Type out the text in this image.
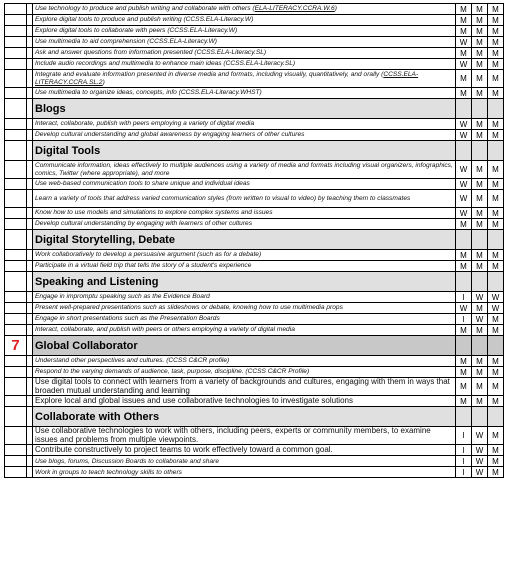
		Use technology to produce and publish writing and collaborate with others (ELA-LITERACY.CCRA.W.6)	M	M	M
		Explore digital tools to produce and publish writing (CCSS.ELA-Literacy.W)	M	M	M
		Explore digital tools to collaborate with peers (CCSS.ELA-Literacy.W)	M	M	M
		Use multimedia to aid comprehension (CCSS.ELA-Literacy.W)	W	M	M
		Ask and answer questions from information presented (CCSS.ELA-Literacy.SL)	M	M	M
		Include audio recordings and multimedia to enhance main ideas (CCSS.ELA-Literacy.SL)	W	M	M
		Integrate and evaluate information presented in diverse media and formats, including visually, quantitatively, and orally (CCSS.ELA-LITERACY.CCRA.SL.2)	M	M	M
		Use multimedia to organize ideas, concepts, info (CCSS.ELA-Literacy.WHST)	M	M	M
		Blogs			
		Interact, collaborate, publish with peers employing a variety of digital media	W	M	M
		Develop cultural understanding and global awareness by engaging learners of other cultures	W	M	M
		Digital Tools			
		Communicate information, ideas effectively to multiple audiences using a variety of media and formats including visual organizers, infographics, comics, Twitter (where appropriate), and more	W	M	M
		Use web-based communication tools to share unique and individual ideas	W	M	M
		Learn a variety of tools that address varied communication styles (from written to visual to video) by teaching them to classmates	W	M	M
		Know how to use models and simulations to explore complex systems and issues	W	M	M
		Develop cultural understanding by engaging with learners of other cultures	M	M	M
		Digital Storytelling, Debate			
		Work collaboratively to develop a persuasive argument (such as for a debate)	M	M	M
		Participate in a virtual field trip that tells the story of a student's experience	M	M	M
		Speaking and Listening			
		Engage in impromptu speaking such as the Evidence Board	I	W	W
		Present well-prepared presentations such as slideshows or debate, knowing how to use multimedia props	W	M	W
		Engage in short presentations such as the Presentation Boards	I	W	M
		Interact, collaborate, and publish with peers or others employing a variety of digital media	M	M	M
7		Global Collaborator			
		Understand other perspectives and cultures. (CCSS C&CR profile)	M	M	M
		Respond to the varying demands of audience, task, purpose, discipline. (CCSS C&CR Profile)	M	M	M
		Use digital tools to connect with learners from a variety of backgrounds and cultures, engaging with them in ways that broaden mutual understanding and learning	M	M	M
		Explore local and global issues and use collaborative technologies to investigate solutions	M	M	M
		Collaborate with Others			
		Use collaborative technologies to work with others, including peers, experts or community members, to examine issues and problems from multiple viewpoints.	I	W	M
		Contribute constructively to project teams to work effectively toward a common goal.	I	W	M
		Use blogs, forums, Discussion Boards to collaborate and share	I	W	M
		Work in groups to teach technology skills to others	I	W	M
